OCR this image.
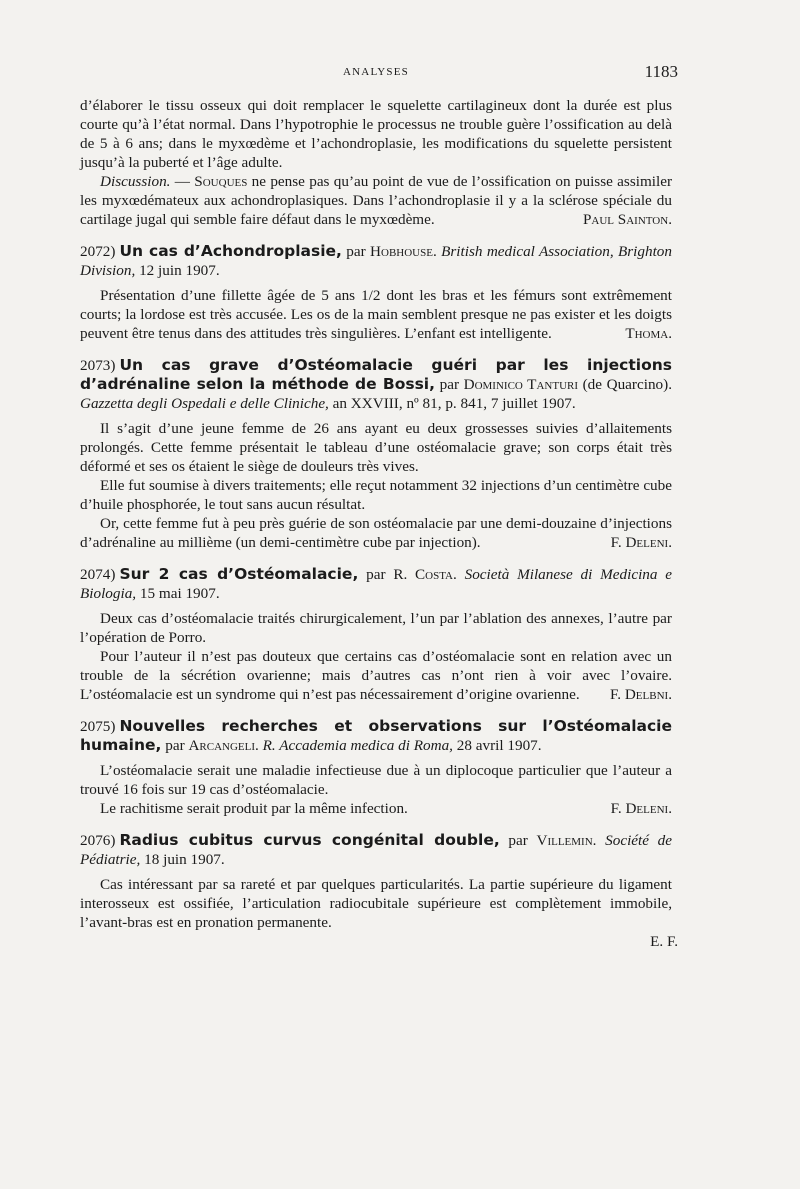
ANALYSES	1183

d’élaborer le tissu osseux qui doit remplacer le squelette cartilagineux dont la durée est plus courte qu’à l’état normal. Dans l’hypotrophie le processus ne trouble guère l’ossification au delà de 5 à 6 ans; dans le myxœdème et l’achondroplasie, les modifications du squelette persistent jusqu’à la puberté et l’âge adulte.

Discussion. — Souques ne pense pas qu’au point de vue de l’ossification on puisse assimiler les myxœdémateux aux achondroplasiques. Dans l’achondroplasie il y a la sclérose spéciale du cartilage jugal qui semble faire défaut dans le myxœdème.	Paul Sainton.

2072) Un cas d’Achondroplasie, par Hobhouse. British medical Association, Brighton Division, 12 juin 1907.

Présentation d’une fillette âgée de 5 ans 1/2 dont les bras et les fémurs sont extrêmement courts; la lordose est très accusée. Les os de la main semblent presque ne pas exister et les doigts peuvent être tenus dans des attitudes très singulières. L’enfant est intelligente.	Thoma.

2073) Un cas grave d’Ostéomalacie guéri par les injections d’adrénaline selon la méthode de Bossi, par Dominico Tanturi (de Quarcino). Gazzetta degli Ospedali e delle Cliniche, an XXVIII, nº 81, p. 841, 7 juillet 1907.

Il s’agit d’une jeune femme de 26 ans ayant eu deux grossesses suivies d’allaitements prolongés. Cette femme présentait le tableau d’une ostéomalacie grave; son corps était très déformé et ses os étaient le siège de douleurs très vives.

Elle fut soumise à divers traitements; elle reçut notamment 32 injections d’un centimètre cube d’huile phosphorée, le tout sans aucun résultat.

Or, cette femme fut à peu près guérie de son ostéomalacie par une demi-douzaine d’injections d’adrénaline au millième (un demi-centimètre cube par injection).	F. Deleni.

2074) Sur 2 cas d’Ostéomalacie, par R. Costa. Società Milanese di Medicina e Biologia, 15 mai 1907.

Deux cas d’ostéomalacie traités chirurgicalement, l’un par l’ablation des annexes, l’autre par l’opération de Porro.

Pour l’auteur il n’est pas douteux que certains cas d’ostéomalacie sont en relation avec un trouble de la sécrétion ovarienne; mais d’autres cas n’ont rien à voir avec l’ovaire. L’ostéomalacie est un syndrome qui n’est pas nécessairement d’origine ovarienne.	F. Delbni.

2075) Nouvelles recherches et observations sur l’Ostéomalacie humaine, par Arcangeli. R. Accademia medica di Roma, 28 avril 1907.

L’ostéomalacie serait une maladie infectieuse due à un diplocoque particulier que l’auteur a trouvé 16 fois sur 19 cas d’ostéomalacie.

Le rachitisme serait produit par la même infection.	F. Deleni.

2076) Radius cubitus curvus congénital double, par Villemin. Société de Pédiatrie, 18 juin 1907.

Cas intéressant par sa rareté et par quelques particularités. La partie supérieure du ligament interosseux est ossifiée, l’articulation radiocubitale supérieure est complètement immobile, l’avant-bras est en pronation permanente.

E. F.
